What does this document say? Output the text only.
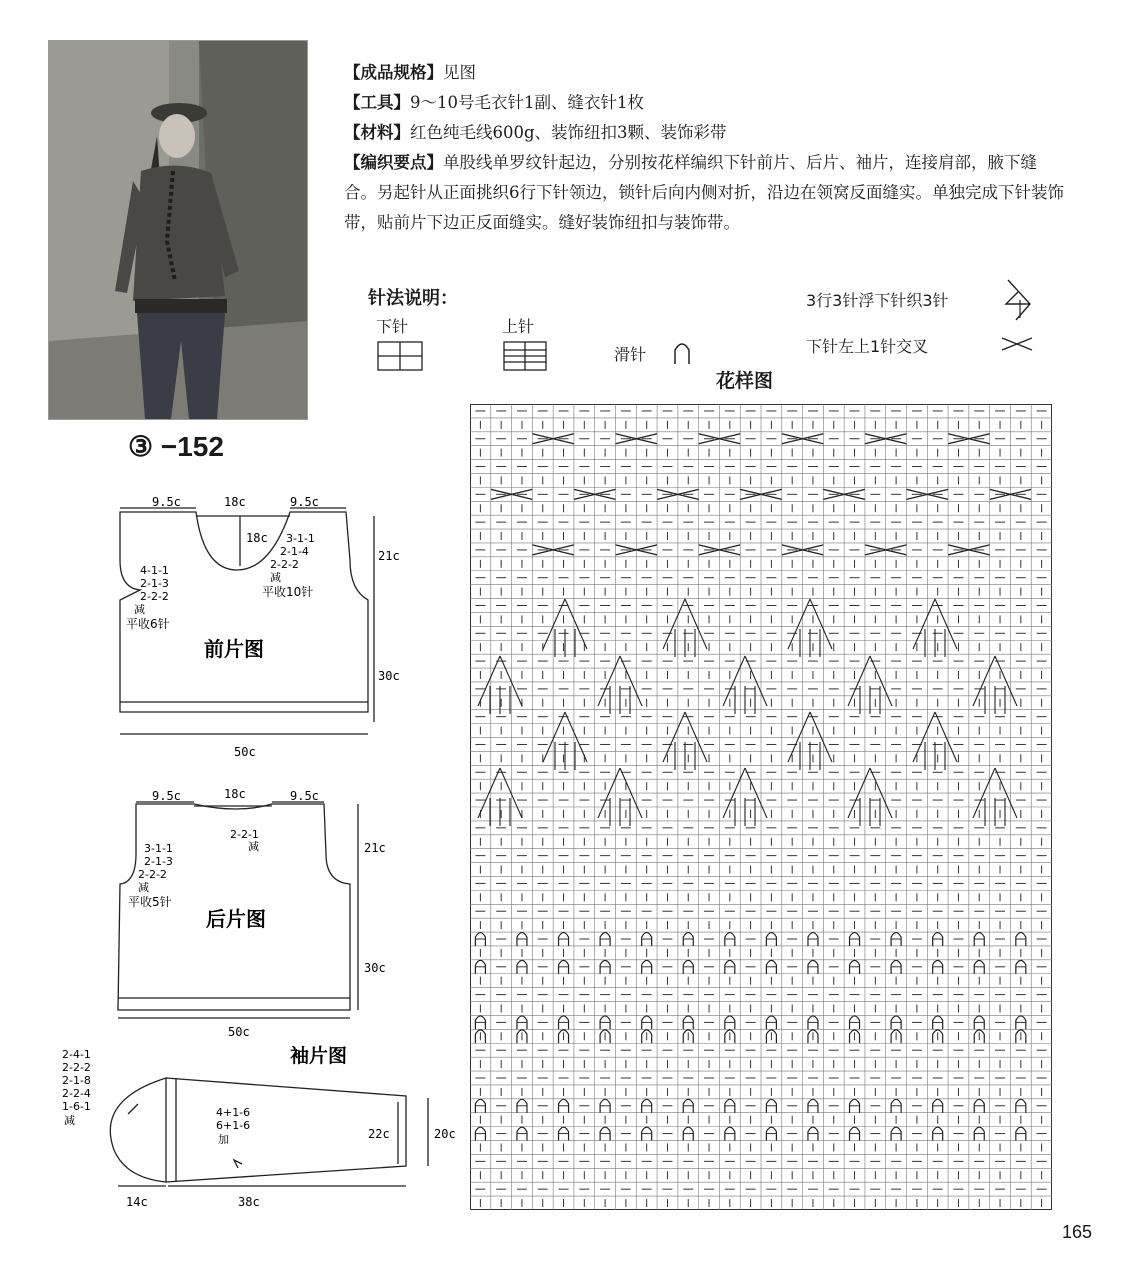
【成品规格】见图

【工具】9～10号毛衣针1副、缝衣针1枚

【材料】红色纯毛线600g、装饰纽扣3颗、装饰彩带

【编织要点】单股线单罗纹针起边，分别按花样编织下针前片、后片、袖片，连接肩部，腋下缝合。另起针从正面挑织6行下针领边，锁针后向内侧对折，沿边在领窝反面缝实。单独完成下针装饰带，贴前片下边正反面缝实。缝好装饰纽扣与装饰带。

针法说明：
下针	上针
滑针
3行3针浮下针织3针
下针左上1针交叉
花样图
③ −152
9.5c	18c	9.5c
18c
21c
30c
50c
4-1-1
2-1-3
2-2-2
减
平收6针
3-1-1
2-1-4
2-2-2
减
平收10针
前片图
9.5c	18c	9.5c
2-2-1
减
3-1-1
2-1-3
2-2-2
减
平收5针
21c
30c
50c
后片图
2-4-1
2-2-2
2-1-8
2-2-4
1-6-1
减
袖片图
4+1-6
6+1-6
加	22c	20c
14c	38c
165
